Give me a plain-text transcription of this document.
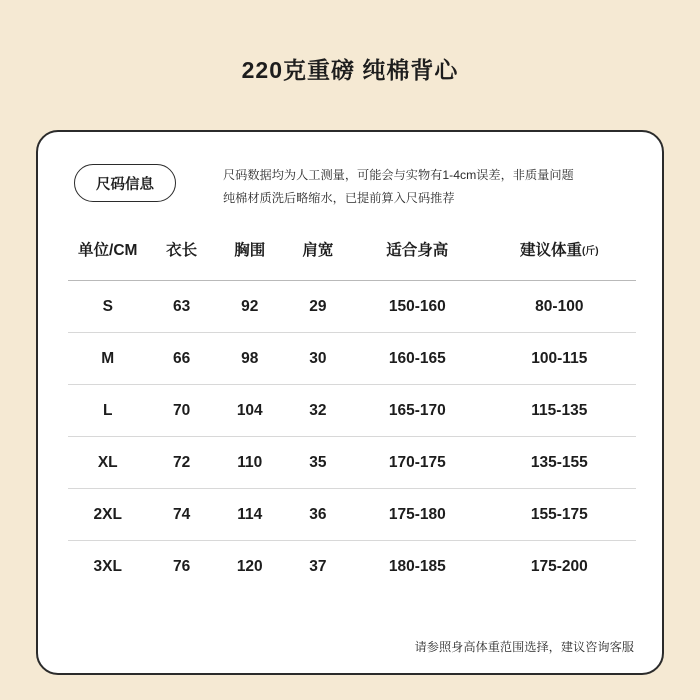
220克重磅 纯棉背心
尺码信息
尺码数据均为人工测量，可能会与实物有1-4cm误差，非质量问题
纯棉材质洗后略缩水，已提前算入尺码推荐
单位/CM	衣长	胸围	肩宽	适合身高	建议体重(斤)
S	63	92	29	150-160	80-100
M	66	98	30	160-165	100-115
L	70	104	32	165-170	115-135
XL	72	110	35	170-175	135-155
2XL	74	114	36	175-180	155-175
3XL	76	120	37	180-185	175-200
请参照身高体重范围选择，建议咨询客服
